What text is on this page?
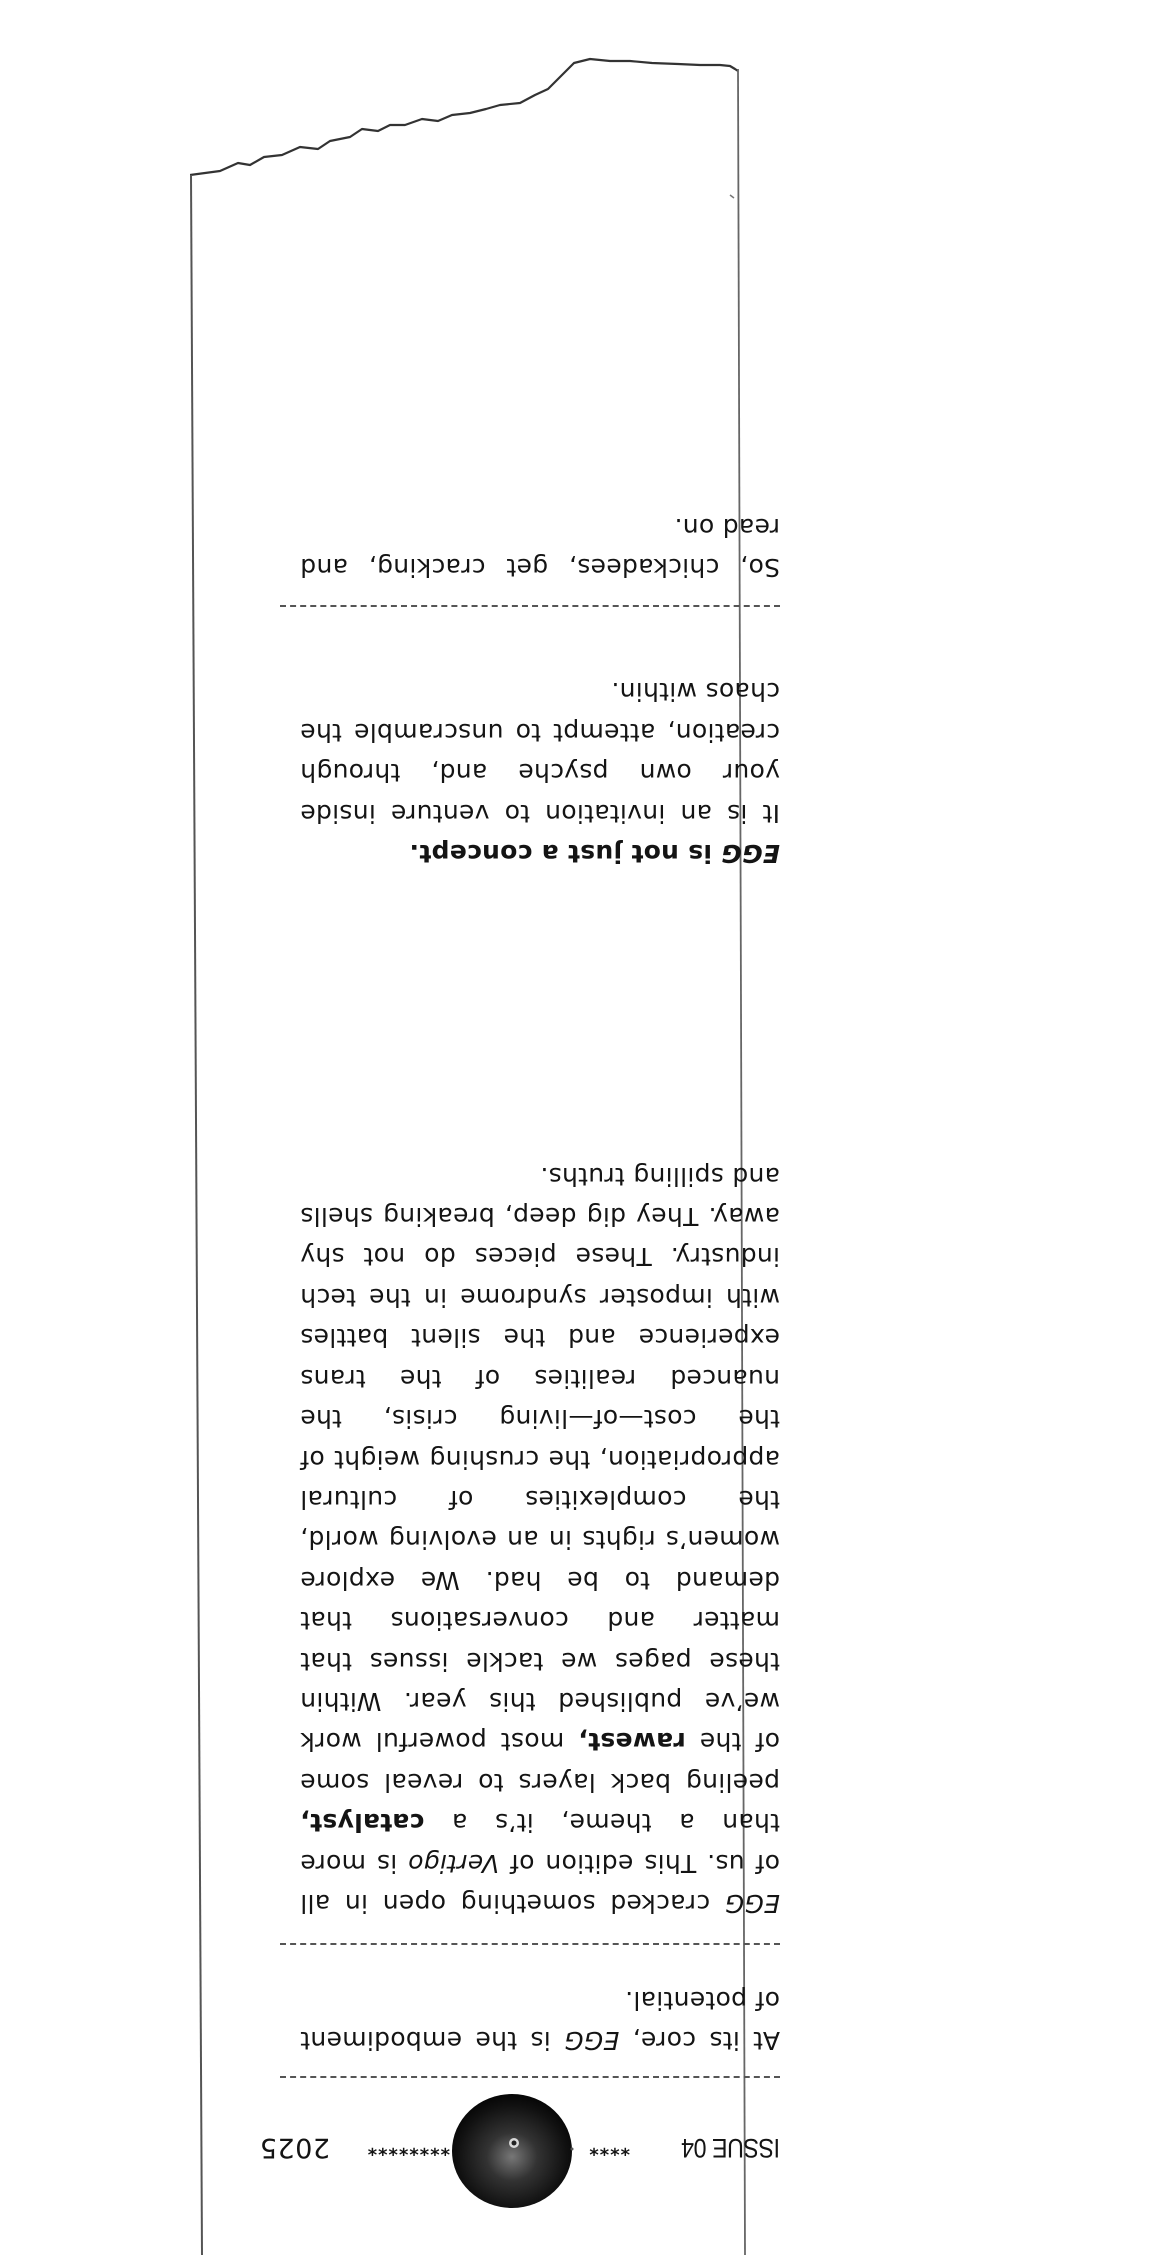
ISSUE 04
****
********
2025
At its core, EGG is the embodiment of potential.
EGG cracked something open in all of us. This edition of Vertigo is more than a theme, it’s a catalyst, peeling back layers to reveal some of the rawest, most powerful work we’ve published this year. Within these pages we tackle issues that matter and conversations that demand to be had. We explore women’s rights in an evolving world, the complexities of cultural appropriation, the crushing weight of the cost—of—living crisis, the nuanced realities of the trans experience and the silent battles with imposter syndrome in the tech industry. These pieces do not shy away. They dig deep, breaking shells and spilling truths.
EGG is not just a concept.
It is an invitation to venture inside your own psyche and, through creation, attempt to unscramble the chaos within.
So, chickadees, get cracking, and read on.
